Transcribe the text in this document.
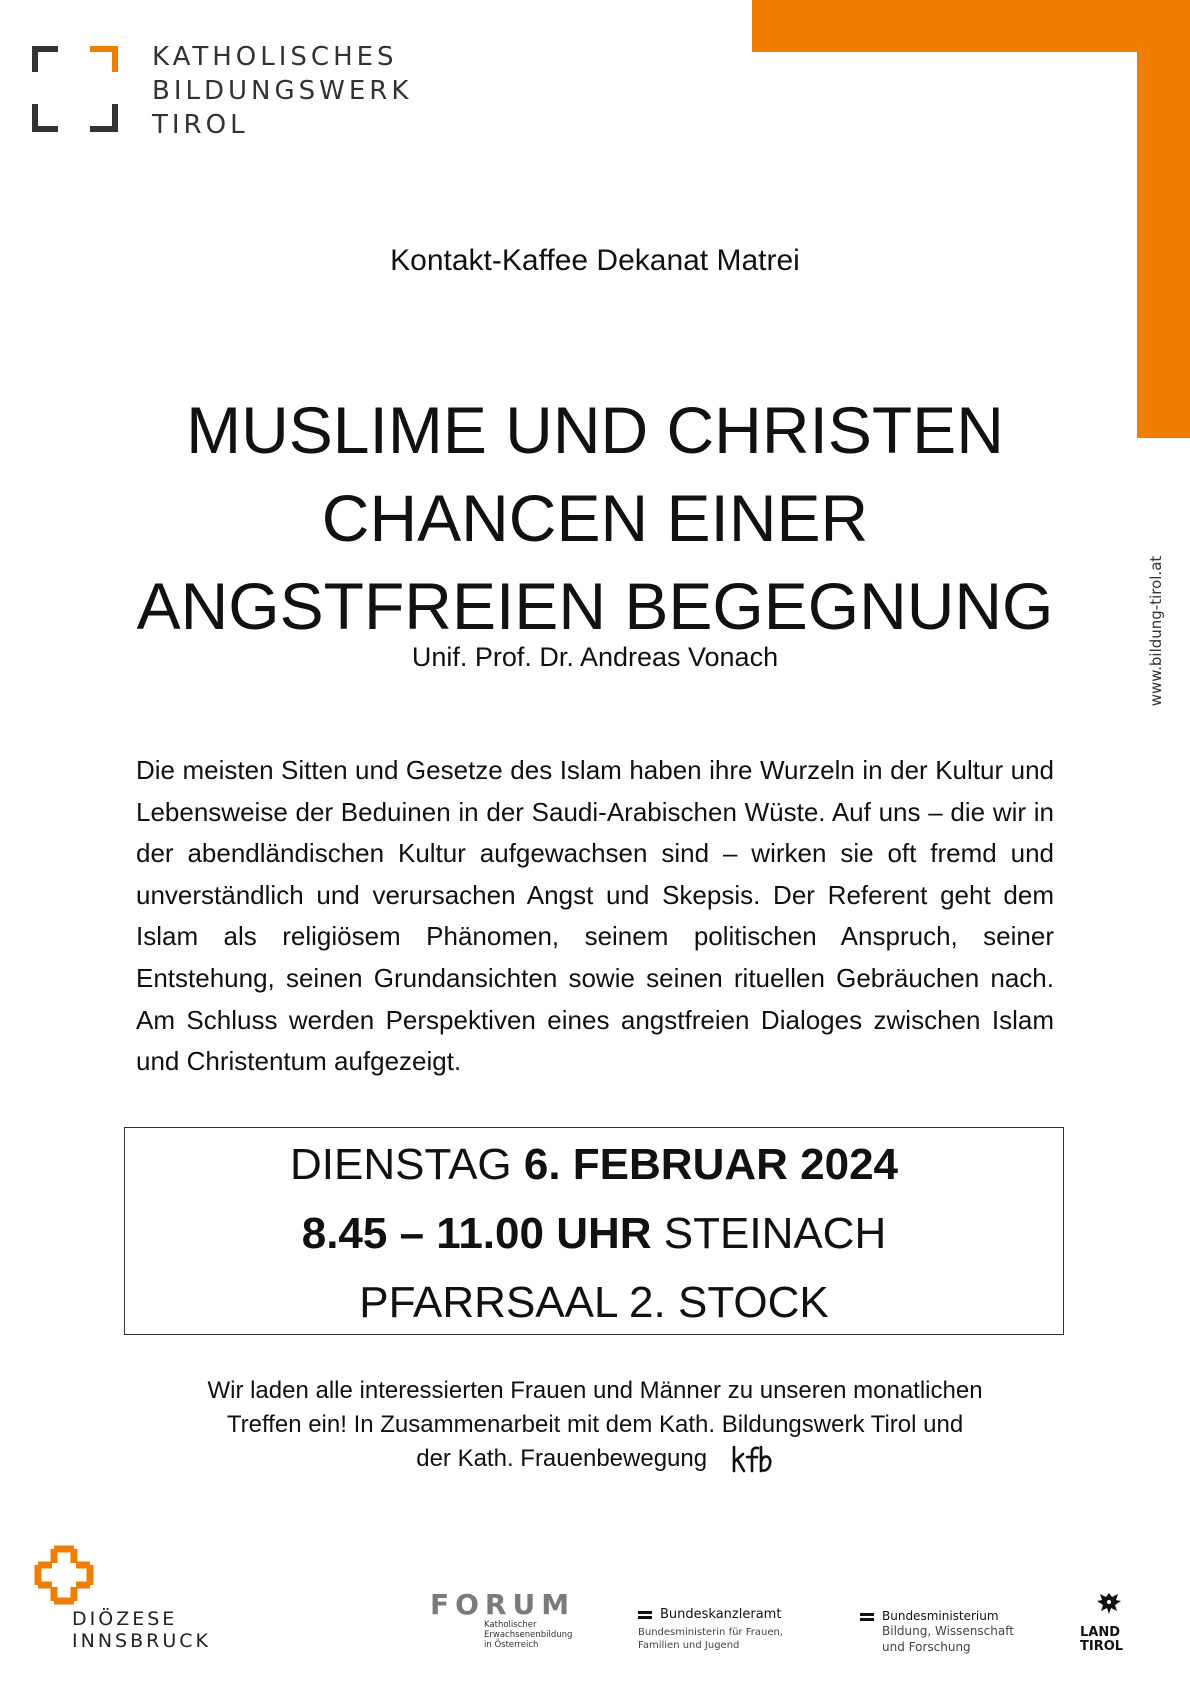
KATHOLISCHES
BILDUNGSWERK
TIROL
www.bildung-tirol.at
Kontakt-Kaffee Dekanat Matrei
MUSLIME UND CHRISTEN
CHANCEN EINER
ANGSTFREIEN BEGEGNUNG
Unif. Prof. Dr. Andreas Vonach
Die meisten Sitten und Gesetze des Islam haben ihre Wurzeln in der Kultur und Lebensweise der Beduinen in der Saudi-Arabischen Wüste. Auf uns – die wir in der abendländischen Kultur aufgewachsen sind – wirken sie oft fremd und unverständlich und verursachen Angst und Skepsis. Der Referent geht dem Islam als religiösem Phänomen, seinem politischen Anspruch, seiner Entstehung, seinen Grundansichten sowie seinen rituellen Gebräuchen nach. Am Schluss werden Perspektiven eines angstfreien Dialoges zwischen Islam und Christentum aufgezeigt.
DIENSTAG 6. FEBRUAR 2024
8.45 – 11.00 UHR STEINACH
PFARRSAAL 2. STOCK
Wir laden alle interessierten Frauen und Männer zu unseren monatlichen
Treffen ein! In Zusammenarbeit mit dem Kath. Bildungswerk Tirol und
der Kath. Frauenbewegung
DIÖZESE
INNSBRUCK
FORUM
Katholischer
Erwachsenenbildung
in Österreich
Bundeskanzleramt
Bundesministerin für Frauen,
Familien und Jugend
Bundesministerium
Bildung, Wissenschaft
und Forschung
LAND
TIROL
